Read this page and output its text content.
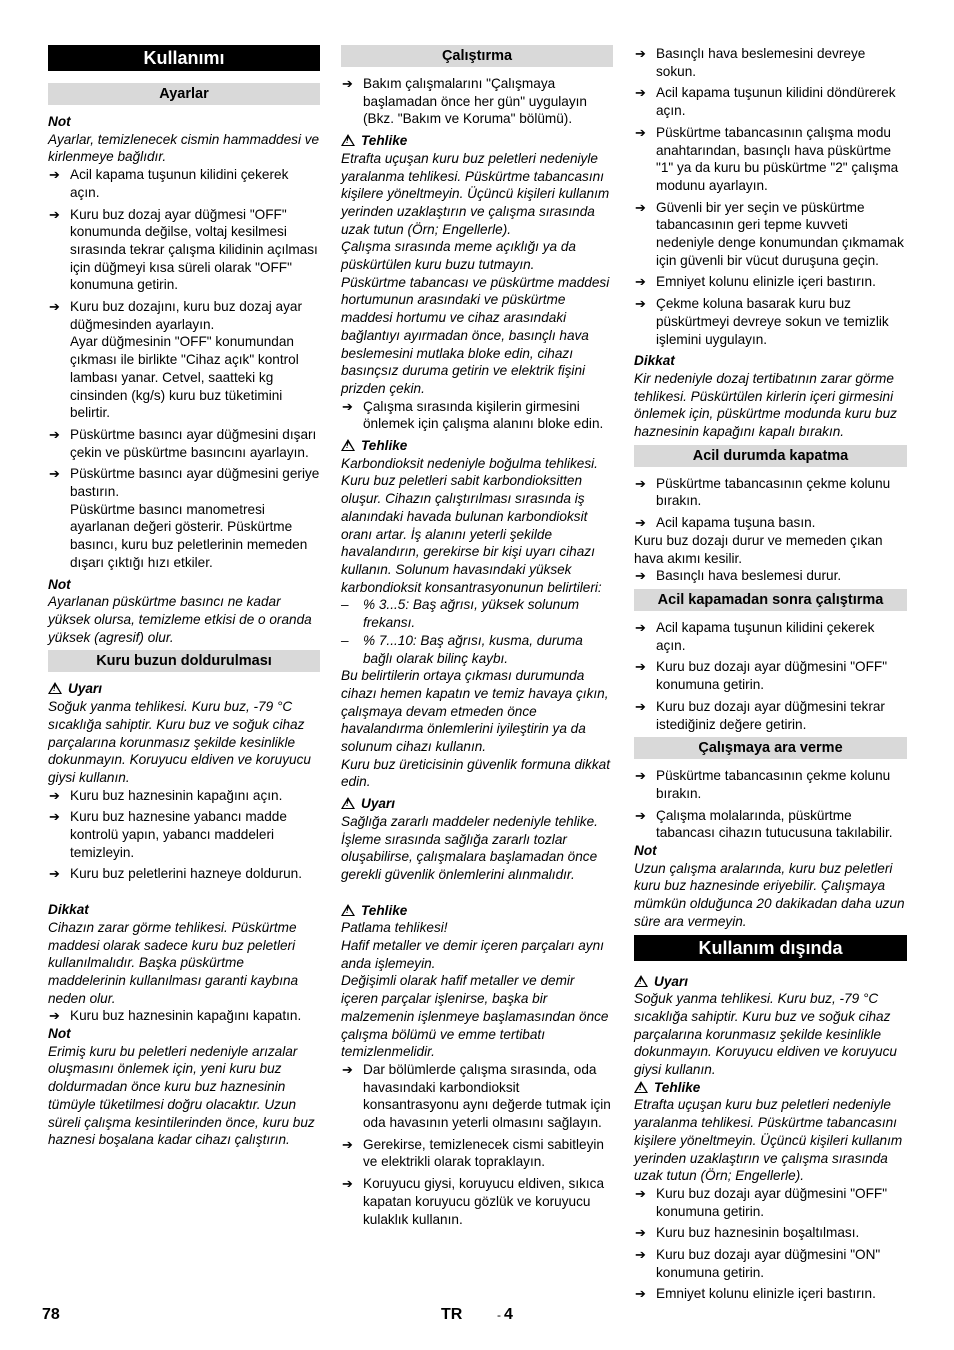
Kullanımı
Ayarlar

Not

Ayarlar, temizlenecek cismin hammaddesi ve kirlenmeye bağlıdır.

➔ Acil kapama tuşunun kilidini çekerek açın.

➔ Kuru buz dozaj ayar düğmesi "OFF" konumunda değilse, voltaj kesilmesi sırasında tekrar çalışma kilidinin açılması için düğmeyi kısa süreli olarak "OFF" konumuna getirin.

➔ Kuru buz dozajını, kuru buz dozaj ayar düğmesinden ayarlayın.

Ayar düğmesinin "OFF" konumundan çıkması ile birlikte "Cihaz açık" kontrol lambası yanar. Cetvel, saatteki kg cinsinden (kg/s) kuru buz tüketimini belirtir.

➔ Püskürtme basıncı ayar düğmesini dışarı çekin ve püskürtme basıncını ayarlayın.

➔ Püskürtme basıncı ayar düğmesini geriye bastırın.

Püskürtme basıncı manometresi ayarlanan değeri gösterir. Püskürtme basıncı, kuru buz peletlerinin memeden dışarı çıktığı hızı etkiler.

Not

Ayarlanan püskürtme basıncı ne kadar yüksek olursa, temizleme etkisi de o oranda yüksek (agresif) olur.

Kuru buzun doldurulması

!Uyarı

Soğuk yanma tehlikesi. Kuru buz, -79 °C sıcaklığa sahiptir. Kuru buz ve soğuk cihaz parçalarına korunmasız şekilde kesinlikle dokunmayın. Koruyucu eldiven ve koruyucu giysi kullanın.

➔ Kuru buz haznesinin kapağını açın.

➔ Kuru buz haznesine yabancı madde kontrolü yapın, yabancı maddeleri temizleyin.

➔ Kuru buz peletlerini hazneye doldurun.

Dikkat

Cihazın zarar görme tehlikesi. Püskürtme maddesi olarak sadece kuru buz peletleri kullanılmalıdır. Başka püskürtme maddelerinin kullanılması garanti kaybına neden olur.

➔ Kuru buz haznesinin kapağını kapatın.

Not

Erimiş kuru bu peletleri nedeniyle arızalar oluşmasını önlemek için, yeni kuru buz doldurmadan önce kuru buz haznesinin tümüyle tüketilmesi doğru olacaktır. Uzun süreli çalışma kesintilerinden önce, kuru buz haznesi boşalana kadar cihazı çalıştırın.

Çalıştırma

➔ Bakım çalışmalarını "Çalışmaya başlamadan önce her gün" uygulayın (Bkz. "Bakım ve Koruma" bölümü).

!Tehlike

Etrafta uçuşan kuru buz peletleri nedeniyle yaralanma tehlikesi. Püskürtme tabancasını kişilere yöneltmeyin. Üçüncü kişileri kullanım yerinden uzaklaştırın ve çalışma sırasında uzak tutun (Örn; Engellerle).

Çalışma sırasında meme açıklığı ya da püskürtülen kuru buzu tutmayın.

Püskürtme tabancası ve püskürtme maddesi hortumunun arasındaki ve püskürtme maddesi hortumu ve cihaz arasındaki bağlantıyı ayırmadan önce, basınçlı hava beslemesini mutlaka bloke edin, cihazı basınçsız duruma getirin ve elektrik fişini prizden çekin.

➔ Çalışma sırasında kişilerin girmesini önlemek için çalışma alanını bloke edin.

!Tehlike

Karbondioksit nedeniyle boğulma tehlikesi. Kuru buz peletleri sabit karbondioksitten oluşur. Cihazın çalıştırılması sırasında iş alanındaki havada bulunan karbondioksit oranı artar. İş alanını yeterli şekilde havalandırın, gerekirse bir kişi uyarı cihazı kullanın. Solunum havasındaki yüksek karbondioksit konsantrasyonunun belirtileri:

– % 3...5: Baş ağrısı, yüksek solunum frekansı.

– % 7...10: Baş ağrısı, kusma, duruma bağlı olarak bilinç kaybı.

Bu belirtilerin ortaya çıkması durumunda cihazı hemen kapatın ve temiz havaya çıkın, çalışmaya devam etmeden önce havalandırma önlemlerini iyileştirin ya da solunum cihazı kullanın.

Kuru buz üreticisinin güvenlik formuna dikkat edin.

!Uyarı

Sağlığa zararlı maddeler nedeniyle tehlike. İşleme sırasında sağlığa zararlı tozlar oluşabilirse, çalışmalara başlamadan önce gerekli güvenlik önlemlerini alınmalıdır.

!Tehlike

Patlama tehlikesi!

Hafif metaller ve demir içeren parçaları aynı anda işlemeyin.

Değişimli olarak hafif metaller ve demir içeren parçalar işlenirse, başka bir malzemenin işlenmeye başlamasından önce çalışma bölümü ve emme tertibatı temizlenmelidir.

➔ Dar bölümlerde çalışma sırasında, oda havasındaki karbondioksit konsantrasyonu aynı değerde tutmak için oda havasının yeterli olmasını sağlayın.

➔ Gerekirse, temizlenecek cismi sabitleyin ve elektrikli olarak topraklayın.

➔ Koruyucu giysi, koruyucu eldiven, sıkıca kapatan koruyucu gözlük ve koruyucu kulaklık kullanın.

➔ Basınçlı hava beslemesini devreye sokun.

➔ Acil kapama tuşunun kilidini döndürerek açın.

➔ Püskürtme tabancasının çalışma modu anahtarından, basınçlı hava püskürtme "1" ya da kuru bu püskürtme "2" çalışma modunu ayarlayın.

➔ Güvenli bir yer seçin ve püskürtme tabancasının geri tepme kuvveti nedeniyle denge konumundan çıkmamak için güvenli bir vücut duruşuna geçin.

➔ Emniyet kolunu elinizle içeri bastırın.

➔ Çekme koluna basarak kuru buz püskürtmeyi devreye sokun ve temizlik işlemini uygulayın.

Dikkat

Kir nedeniyle dozaj tertibatının zarar görme tehlikesi. Püskürtülen kirlerin içeri girmesini önlemek için, püskürtme modunda kuru buz haznesinin kapağını kapalı bırakın.

Acil durumda kapatma

➔ Püskürtme tabancasının çekme kolunu bırakın.

➔ Acil kapama tuşuna basın.

Kuru buz dozajı durur ve memeden çıkan hava akımı kesilir.

➔ Basınçlı hava beslemesi durur.

Acil kapamadan sonra çalıştırma

➔ Acil kapama tuşunun kilidini çekerek açın.

➔ Kuru buz dozajı ayar düğmesini "OFF" konumuna getirin.

➔ Kuru buz dozajı ayar düğmesini tekrar istediğiniz değere getirin.

Çalışmaya ara verme

➔ Püskürtme tabancasının çekme kolunu bırakın.

➔ Çalışma molalarında, püskürtme tabancası cihazın tutucusuna takılabilir.

Not

Uzun çalışma aralarında, kuru buz peletleri kuru buz haznesinde eriyebilir. Çalışmaya mümkün olduğunca 20 dakikadan daha uzun süre ara vermeyin.

Kullanım dışında

!Uyarı

Soğuk yanma tehlikesi. Kuru buz, -79 °C sıcaklığa sahiptir. Kuru buz ve soğuk cihaz parçalarına korunmasız şekilde kesinlikle dokunmayın. Koruyucu eldiven ve koruyucu giysi kullanın.

!Tehlike

Etrafta uçuşan kuru buz peletleri nedeniyle yaralanma tehlikesi. Püskürtme tabancasını kişilere yöneltmeyin. Üçüncü kişileri kullanım yerinden uzaklaştırın ve çalışma sırasında uzak tutun (Örn; Engellerle).

➔ Kuru buz dozajı ayar düğmesini "OFF" konumuna getirin.

➔ Kuru buz haznesinin boşaltılması.

➔ Kuru buz dozajı ayar düğmesini "ON" konumuna getirin.

➔ Emniyet kolunu elinizle içeri bastırın.

78	TR	- 4
